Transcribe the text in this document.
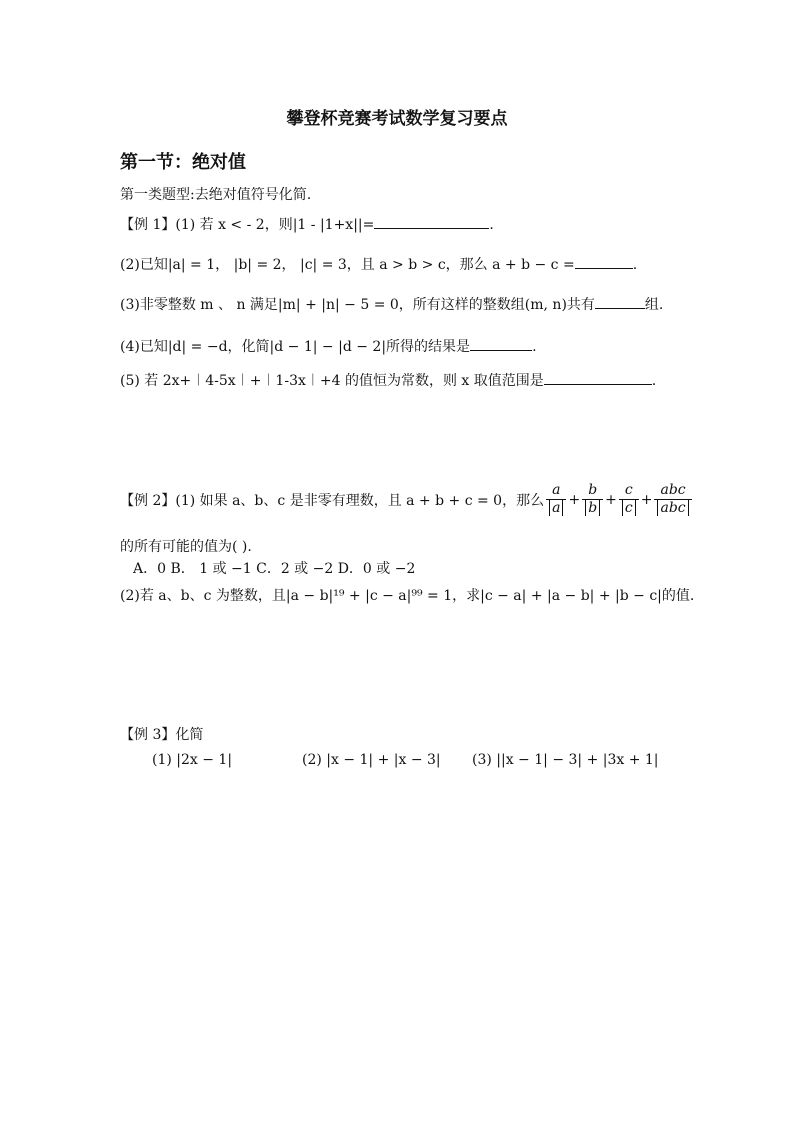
攀登杯竞赛考试数学复习要点
第一节：绝对值
第一类题型:去绝对值符号化简.
【例 1】(1) 若 x < - 2，则|1 - |1+x||=	.
(2)已知|a| = 1， |b| = 2， |c| = 3，且 a > b > c，那么 a + b − c =	.
(3)非零整数 m 、 n 满足|m| + |n| − 5 = 0，所有这样的整数组(m, n)共有	组.
(4)已知|d| = −d，化简|d − 1| − |d − 2|所得的结果是	.
(5) 若 2x+︱4-5x︱+︱1-3x︱+4 的值恒为常数，则 x 取值范围是	.
【例 2】(1) 如果 a、b、c 是非零有理数，且 a + b + c = 0，那么 $\frac{a}{a} + \frac{b}{b} + \frac{c}{c} + \frac{\text{abc}}{\text{abc}}$
的所有可能的值为( ).
A．0 B． 1 或 −1 C．2 或 −2 D．0 或 −2
(2)若 a、b、c 为整数，且|a − b|¹⁹ + |c − a|⁹⁹ = 1，求|c − a| + |a − b| + |b − c|的值.
【例 3】化简
(1) |2x − 1|	(2) |x − 1| + |x − 3| (3) ||x − 1| − 3| + |3x + 1|
